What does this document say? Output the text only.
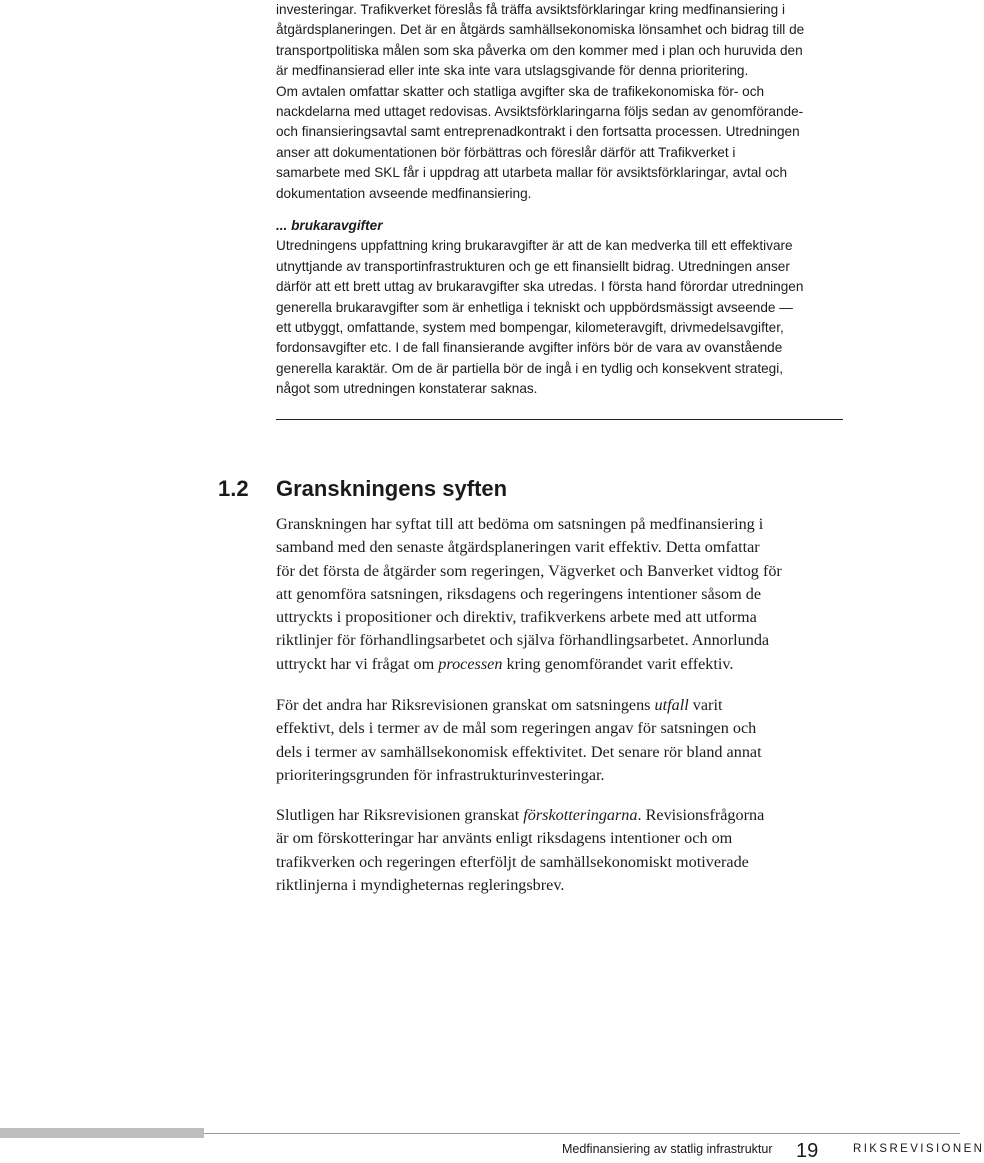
investeringar. Trafikverket föreslås få träffa avsiktsförklaringar kring medfinansiering i

åtgärdsplaneringen. Det är en åtgärds samhällsekonomiska lönsamhet och bidrag till de

transportpolitiska målen som ska påverka om den kommer med i plan och huruvida den

är medfinansierad eller inte ska inte vara utslagsgivande för denna prioritering.

Om avtalen omfattar skatter och statliga avgifter ska de trafikekonomiska för- och

nackdelarna med uttaget redovisas. Avsiktsförklaringarna följs sedan av genomförande-

och finansieringsavtal samt entreprenadkontrakt i den fortsatta processen. Utredningen

anser att dokumentationen bör förbättras och föreslår därför att Trafikverket i

samarbete med SKL får i uppdrag att utarbeta mallar för avsiktsförklaringar, avtal och

dokumentation avseende medfinansiering.

... brukaravgifter

Utredningens uppfattning kring brukaravgifter är att de kan medverka till ett effektivare

utnyttjande av transportinfrastrukturen och ge ett finansiellt bidrag. Utredningen anser

därför att ett brett uttag av brukaravgifter ska utredas. I första hand förordar utredningen

generella brukaravgifter som är enhetliga i tekniskt och uppbördsmässigt avseende —

ett utbyggt, omfattande, system med bompengar, kilometeravgift, drivmedelsavgifter,

fordonsavgifter etc. I de fall finansierande avgifter införs bör de vara av ovanstående

generella karaktär. Om de är partiella bör de ingå i en tydlig och konsekvent strategi,

något som utredningen konstaterar saknas.

1.2 Granskningens syften

Granskningen har syftat till att bedöma om satsningen på medfinansiering i

samband med den senaste åtgärdsplaneringen varit effektiv. Detta omfattar

för det första de åtgärder som regeringen, Vägverket och Banverket vidtog för

att genomföra satsningen, riksdagens och regeringens intentioner såsom de

uttryckts i propositioner och direktiv, trafikverkens arbete med att utforma

riktlinjer för förhandlingsarbetet och själva förhandlingsarbetet. Annorlunda

uttryckt har vi frågat om processen kring genomförandet varit effektiv.

För det andra har Riksrevisionen granskat om satsningens utfall varit

effektivt, dels i termer av de mål som regeringen angav för satsningen och

dels i termer av samhällsekonomisk effektivitet. Det senare rör bland annat

prioriteringsgrunden för infrastrukturinvesteringar.

Slutligen har Riksrevisionen granskat förskotteringarna. Revisionsfrågorna

är om förskotteringar har använts enligt riksdagens intentioner och om

trafikverken och regeringen efterföljt de samhällsekonomiskt motiverade

riktlinjerna i myndigheternas regleringsbrev.

Medfinansiering av statlig infrastruktur 19	RIKSREVISIONEN
